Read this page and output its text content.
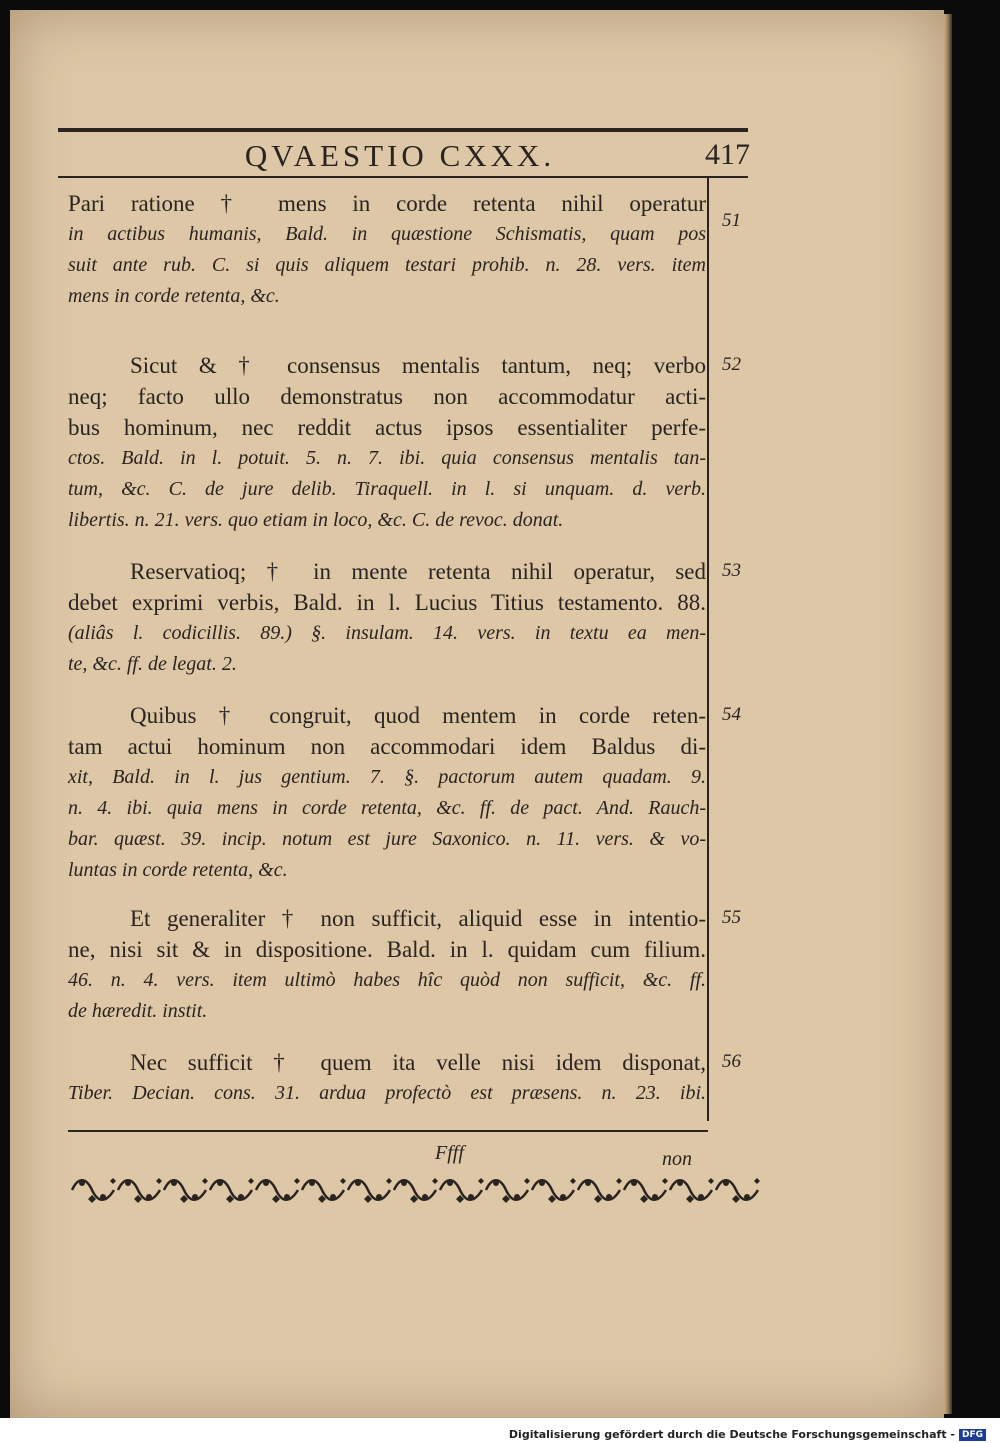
QVAESTIO CXXX.	417
Pari ratione † mens in corde retenta nihil operatur
in actibus humanis, Bald. in quæstione Schismatis, quam pos
suit ante rub. C. si quis aliquem testari prohib. n. 28. vers. item
mens in corde retenta, &c.
51
Sicut & † consensus mentalis tantum, neq; verbo
neq; facto ullo demonstratus non accommodatur acti-
bus hominum, nec reddit actus ipsos essentialiter perfe-
ctos. Bald. in l. potuit. 5. n. 7. ibi. quia consensus mentalis tan-
tum, &c. C. de jure delib. Tiraquell. in l. si unquam. d. verb.
libertis. n. 21. vers. quo etiam in loco, &c. C. de revoc. donat.
52
Reservatioq; † in mente retenta nihil operatur, sed
debet exprimi verbis, Bald. in l. Lucius Titius testamento. 88.
(aliâs l. codicillis. 89.) §. insulam. 14. vers. in textu ea men-
te, &c. ff. de legat. 2.
53
Quibus † congruit, quod mentem in corde reten-
tam actui hominum non accommodari idem Baldus di-
xit, Bald. in l. jus gentium. 7. §. pactorum autem quadam. 9.
n. 4. ibi. quia mens in corde retenta, &c. ff. de pact. And. Rauch-
bar. quæst. 39. incip. notum est jure Saxonico. n. 11. vers. & vo-
luntas in corde retenta, &c.
54
Et generaliter † non sufficit, aliquid esse in intentio-
ne, nisi sit & in dispositione. Bald. in l. quidam cum filium.
46. n. 4. vers. item ultimò habes hîc quòd non sufficit, &c. ff.
de hæredit. instit.
55
Nec sufficit † quem ita velle nisi idem disponat,
Tiber. Decian. cons. 31. ardua profectò est præsens. n. 23. ibi.
56
Ffff	non
Digitalisierung gefördert durch die Deutsche Forschungsgemeinschaft - DFG
